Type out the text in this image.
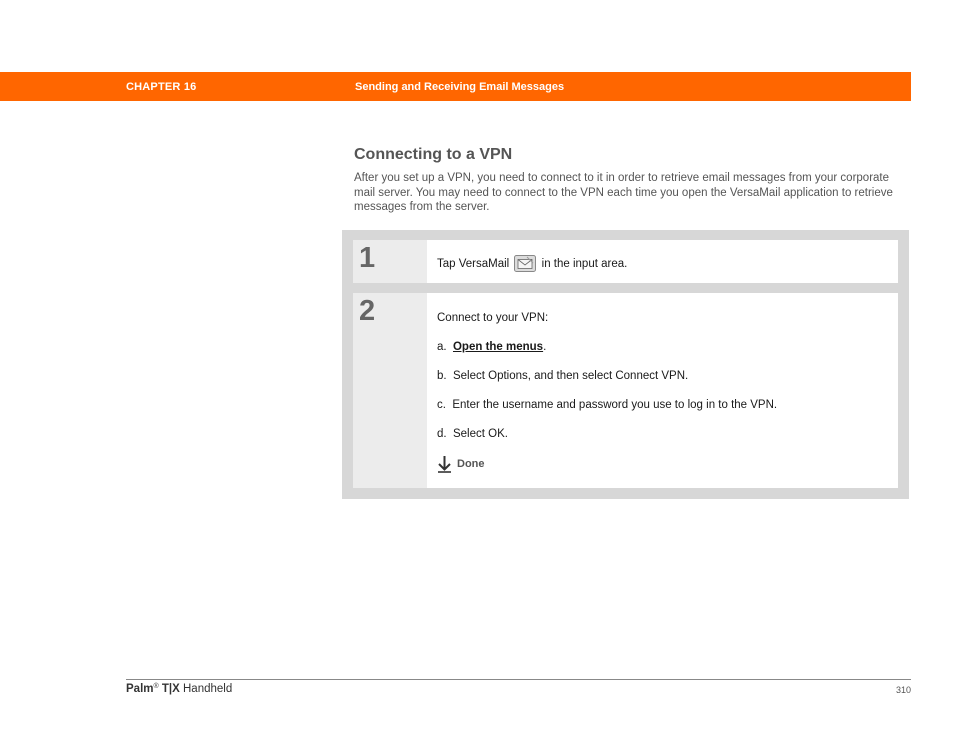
CHAPTER 16	Sending and Receiving Email Messages
Connecting to a VPN

After you set up a VPN, you need to connect to it in order to retrieve email messages from your corporate mail server. You may need to connect to the VPN each time you open the VersaMail application to retrieve messages from the server.

1	Tap VersaMail	in the input area.
2	Connect to your VPN:
a. Open the menus.
b. Select Options, and then select Connect VPN.
c. Enter the username and password you use to log in to the VPN.
d. Select OK.
Done
Palm® T|X Handheld	310
